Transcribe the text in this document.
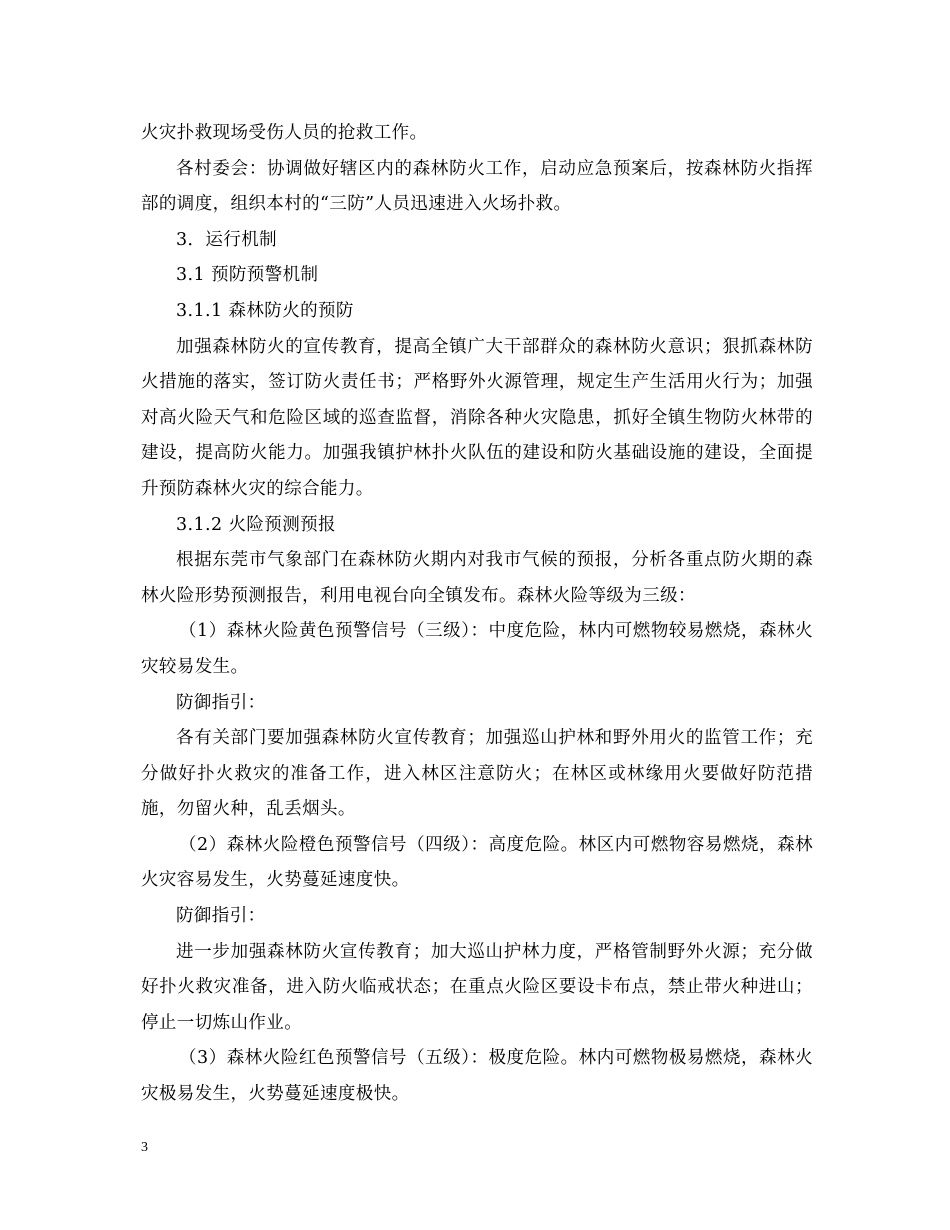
火灾扑救现场受伤人员的抢救工作。

各村委会：协调做好辖区内的森林防火工作，启动应急预案后，按森林防火指挥部的调度，组织本村的“三防”人员迅速进入火场扑救。

3．运行机制

3.1 预防预警机制

3.1.1 森林防火的预防

加强森林防火的宣传教育，提高全镇广大干部群众的森林防火意识；狠抓森林防火措施的落实，签订防火责任书；严格野外火源管理，规定生产生活用火行为；加强对高火险天气和危险区域的巡查监督，消除各种火灾隐患，抓好全镇生物防火林带的建设，提高防火能力。加强我镇护林扑火队伍的建设和防火基础设施的建设，全面提升预防森林火灾的综合能力。

3.1.2 火险预测预报

根据东莞市气象部门在森林防火期内对我市气候的预报，分析各重点防火期的森林火险形势预测报告，利用电视台向全镇发布。森林火险等级为三级：

（1）森林火险黄色预警信号（三级）：中度危险，林内可燃物较易燃烧，森林火灾较易发生。

防御指引：

各有关部门要加强森林防火宣传教育；加强巡山护林和野外用火的监管工作；充分做好扑火救灾的准备工作，进入林区注意防火；在林区或林缘用火要做好防范措施，勿留火种，乱丢烟头。

（2）森林火险橙色预警信号（四级）：高度危险。林区内可燃物容易燃烧，森林火灾容易发生，火势蔓延速度快。

防御指引：

进一步加强森林防火宣传教育；加大巡山护林力度，严格管制野外火源；充分做好扑火救灾准备，进入防火临戒状态；在重点火险区要设卡布点，禁止带火种进山；停止一切炼山作业。

（3）森林火险红色预警信号（五级）：极度危险。林内可燃物极易燃烧，森林火灾极易发生，火势蔓延速度极快。

3
